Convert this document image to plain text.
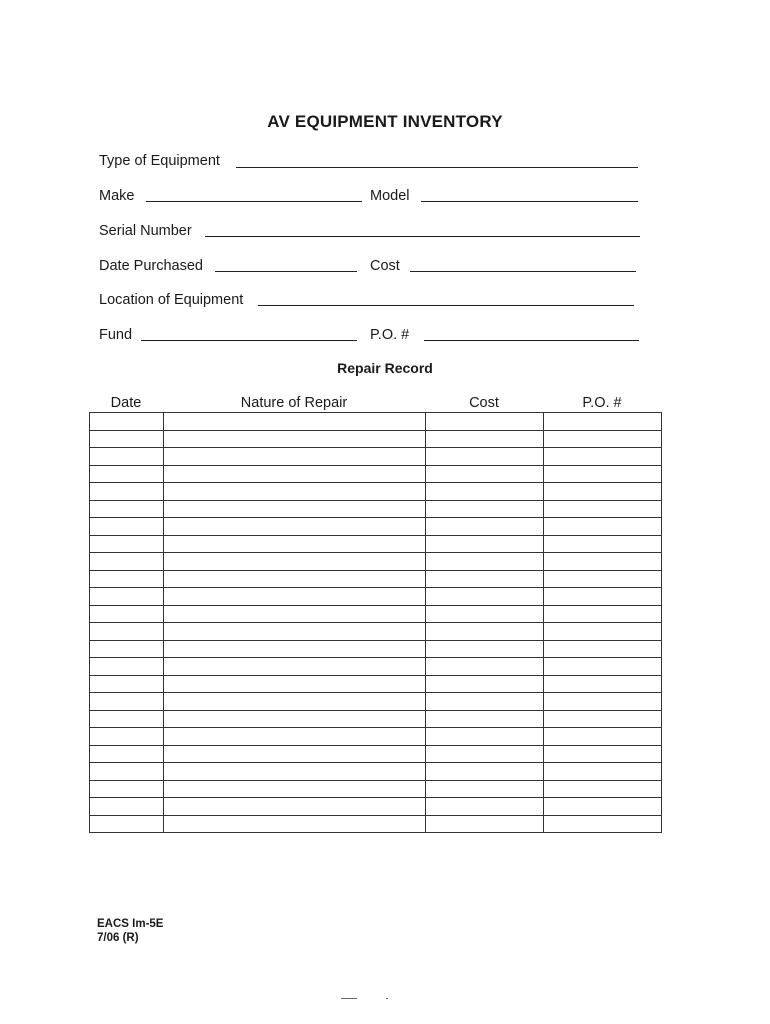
AV EQUIPMENT INVENTORY
Type of Equipment
Make	Model
Serial Number
Date Purchased	Cost
Location of Equipment
Fund	P.O. #
Repair Record
Date	Nature of Repair	Cost	P.O. #

EACS Im-5E
7/06 (R)
